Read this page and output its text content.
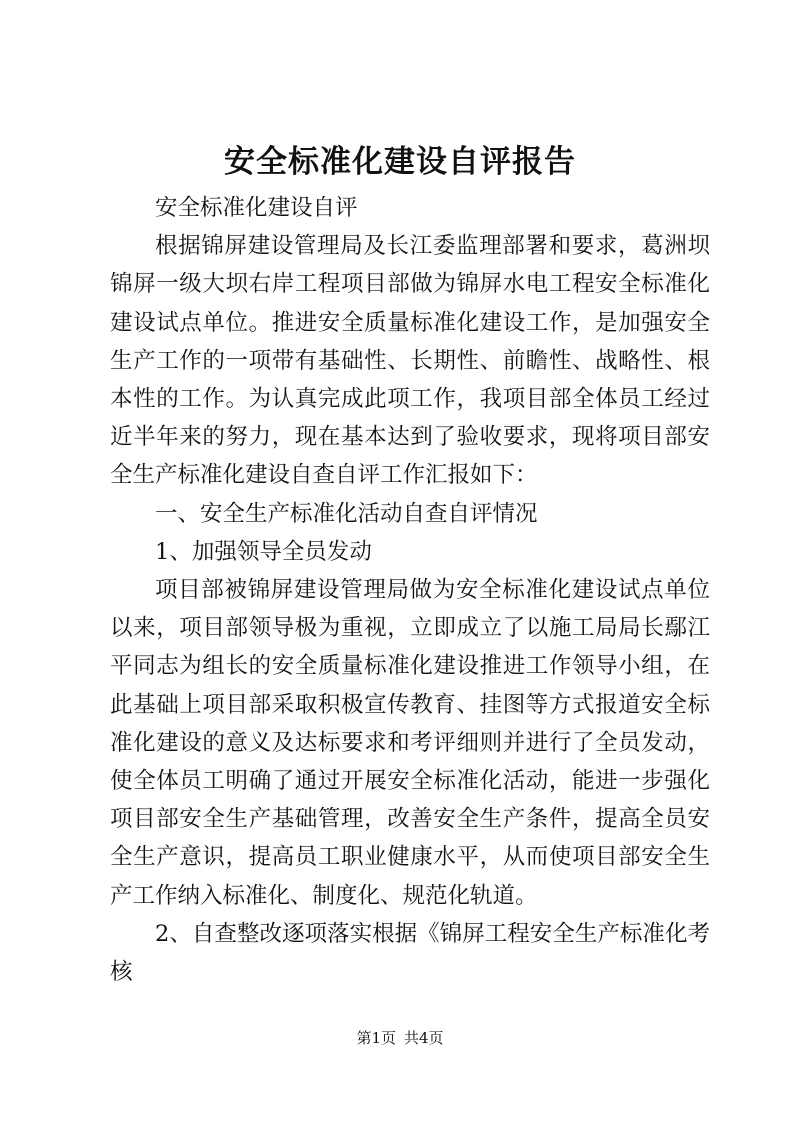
安全标准化建设自评报告

安全标准化建设自评

根据锦屏建设管理局及长江委监理部署和要求，葛洲坝锦屏一级大坝右岸工程项目部做为锦屏水电工程安全标准化建设试点单位。推进安全质量标准化建设工作，是加强安全生产工作的一项带有基础性、长期性、前瞻性、战略性、根本性的工作。为认真完成此项工作，我项目部全体员工经过近半年来的努力，现在基本达到了验收要求，现将项目部安全生产标准化建设自查自评工作汇报如下：

一、安全生产标准化活动自查自评情况

1、加强领导全员发动

项目部被锦屏建设管理局做为安全标准化建设试点单位以来，项目部领导极为重视，立即成立了以施工局局长鄢江平同志为组长的安全质量标准化建设推进工作领导小组，在此基础上项目部采取积极宣传教育、挂图等方式报道安全标准化建设的意义及达标要求和考评细则并进行了全员发动，使全体员工明确了通过开展安全标准化活动，能进一步强化项目部安全生产基础管理，改善安全生产条件，提高全员安全生产意识，提高员工职业健康水平，从而使项目部安全生产工作纳入标准化、制度化、规范化轨道。

2、自查整改逐项落实根据《锦屏工程安全生产标准化考核

第1页 共4页
